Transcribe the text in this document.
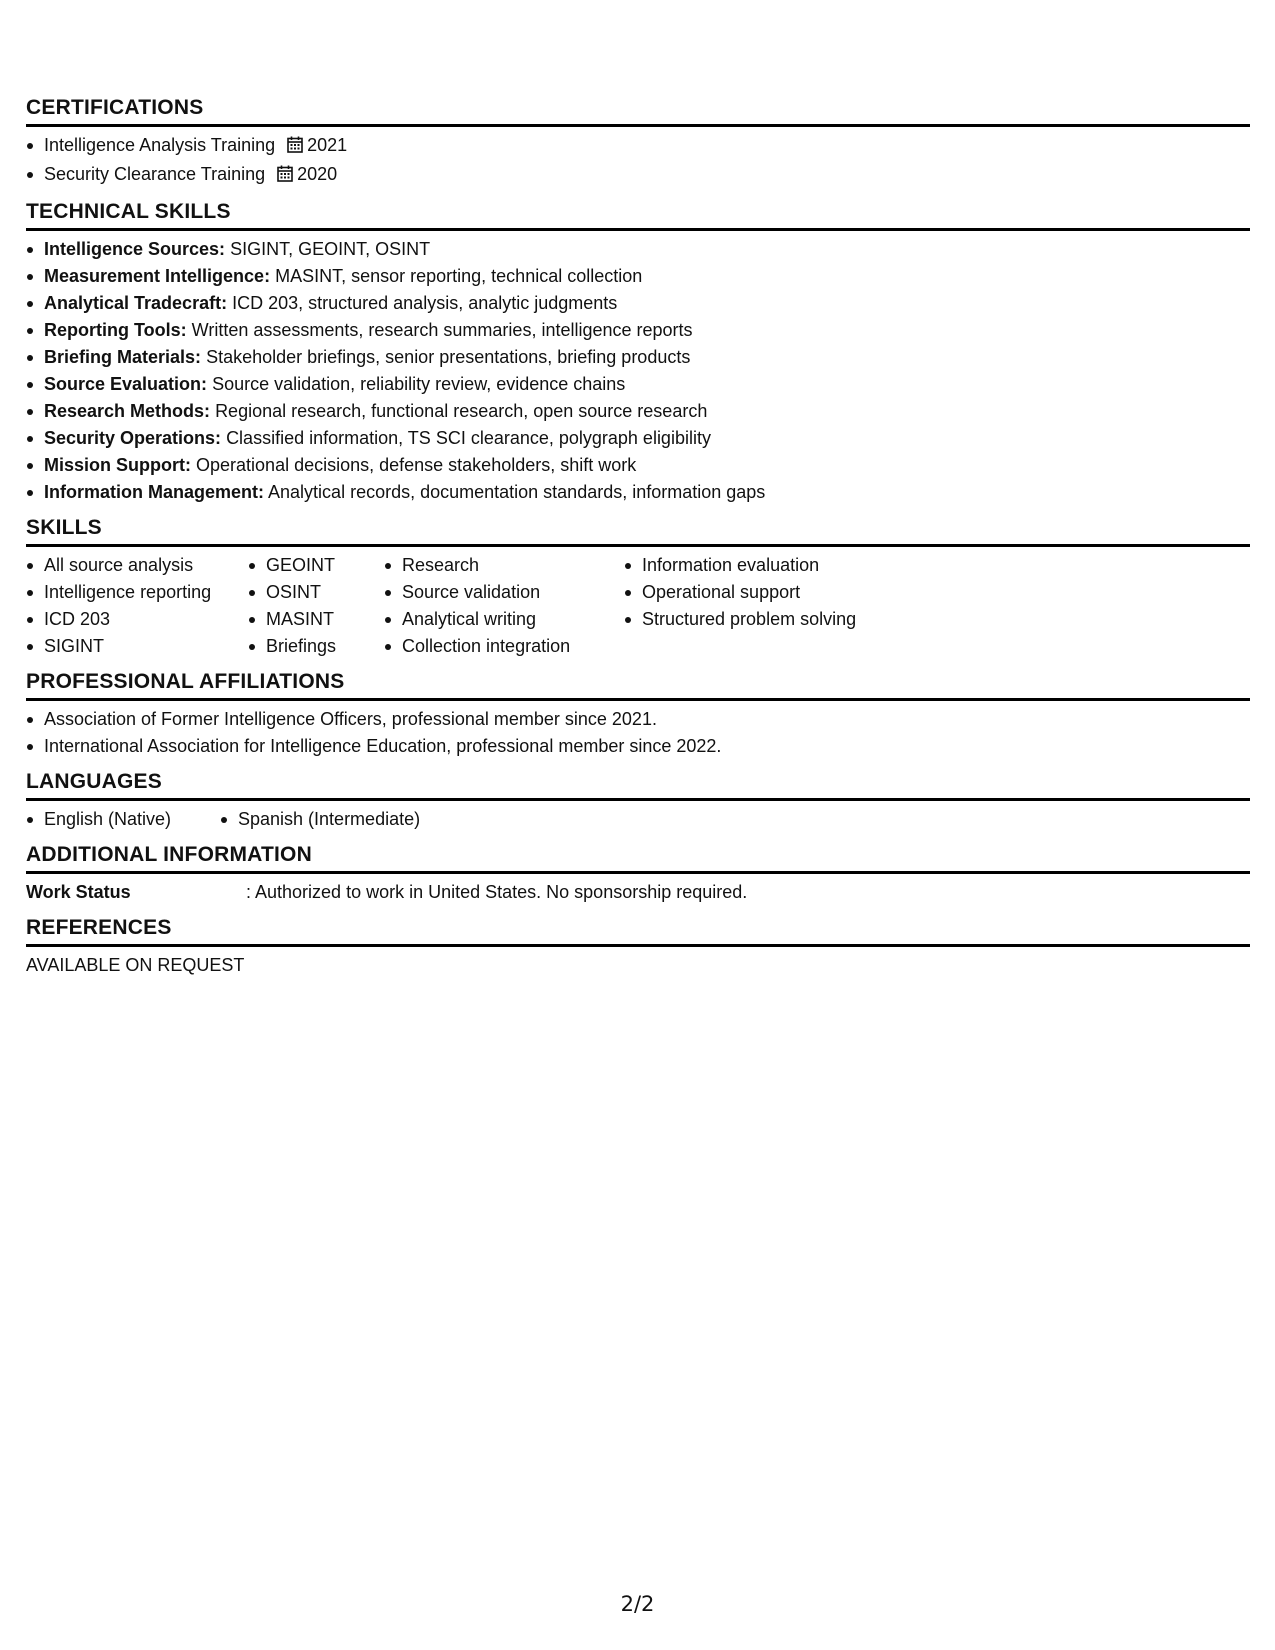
CERTIFICATIONS
Intelligence Analysis Training 2021
Security Clearance Training 2020
TECHNICAL SKILLS
Intelligence Sources: SIGINT, GEOINT, OSINT
Measurement Intelligence: MASINT, sensor reporting, technical collection
Analytical Tradecraft: ICD 203, structured analysis, analytic judgments
Reporting Tools: Written assessments, research summaries, intelligence reports
Briefing Materials: Stakeholder briefings, senior presentations, briefing products
Source Evaluation: Source validation, reliability review, evidence chains
Research Methods: Regional research, functional research, open source research
Security Operations: Classified information, TS SCI clearance, polygraph eligibility
Mission Support: Operational decisions, defense stakeholders, shift work
Information Management: Analytical records, documentation standards, information gaps
SKILLS
All source analysis
Intelligence reporting
ICD 203
SIGINT
GEOINT
OSINT
MASINT
Briefings
Research
Source validation
Analytical writing
Collection integration
Information evaluation
Operational support
Structured problem solving
PROFESSIONAL AFFILIATIONS
Association of Former Intelligence Officers, professional member since 2021.
International Association for Intelligence Education, professional member since 2022.
LANGUAGES
English (Native)	Spanish (Intermediate)
ADDITIONAL INFORMATION
Work Status	: Authorized to work in United States. No sponsorship required.
REFERENCES
AVAILABLE ON REQUEST
2/2
